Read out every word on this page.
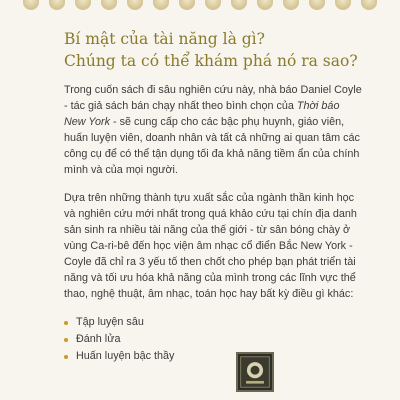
Bí mật của tài năng là gì?
Chúng ta có thể khám phá nó ra sao?

Trong cuốn sách đi sâu nghiên cứu này, nhà báo Daniel Coyle - tác giả sách bán chạy nhất theo bình chọn của Thời báo New York - sẽ cung cấp cho các bậc phụ huynh, giáo viên, huấn luyện viên, doanh nhân và tất cả những ai quan tâm các công cụ để có thể tận dụng tối đa khả năng tiềm ẩn của chính mình và của mọi người.

Dựa trên những thành tựu xuất sắc của ngành thần kinh học và nghiên cứu mới nhất trong quá khảo cứu tại chín địa danh sản sinh ra nhiều tài năng của thế giới - từ sân bóng chày ở vùng Ca-ri-bê đến học viện âm nhạc cổ điển Bắc New York - Coyle đã chỉ ra 3 yếu tố then chốt cho phép bạn phát triển tài năng và tối ưu hóa khả năng của mình trong các lĩnh vực thể thao, nghệ thuật, âm nhạc, toán học hay bất kỳ điều gì khác:

Tập luyện sâu
Đánh lửa
Huấn luyện bậc thầy
